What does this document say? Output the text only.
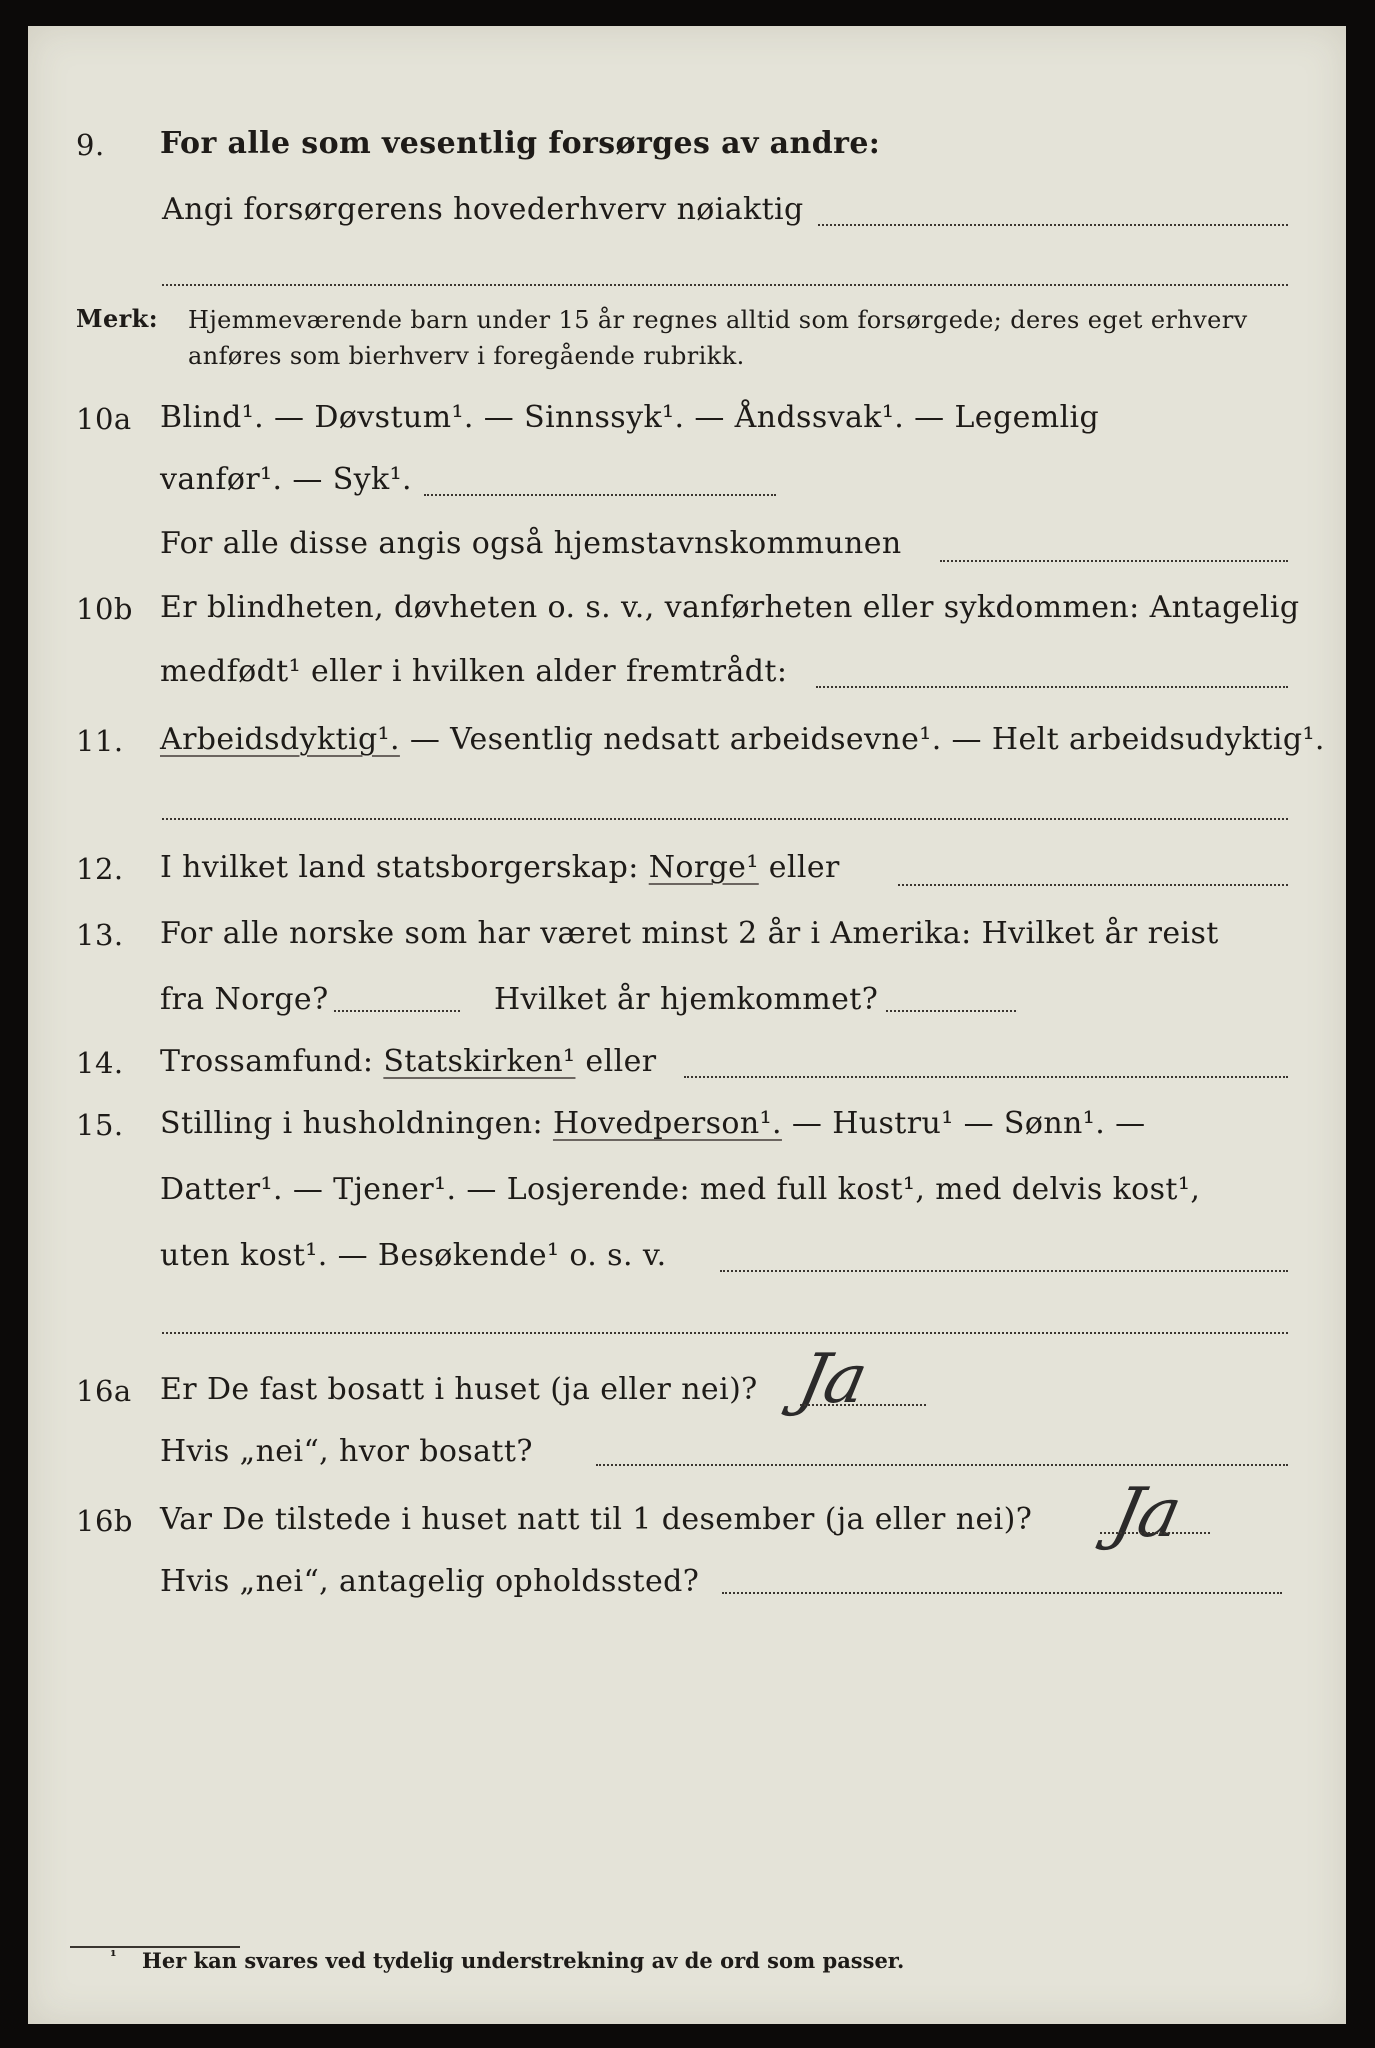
9. For alle som vesentlig forsørges av andre:
Angi forsørgerens hovederhverv nøiaktig
Merk: Hjemmeværende barn under 15 år regnes alltid som forsørgede; deres eget erhverv
anføres som bierhverv i foregående rubrikk.
10a Blind¹. — Døvstum¹. — Sinnssyk¹. — Åndssvak¹. — Legemlig
vanfør¹. — Syk¹.
For alle disse angis også hjemstavnskommunen
10b Er blindheten, døvheten o. s. v., vanførheten eller sykdommen: Antagelig
medfødt¹ eller i hvilken alder fremtrådt:
11. Arbeidsdyktig¹. — Vesentlig nedsatt arbeidsevne¹. — Helt arbeidsudyktig¹.
12. I hvilket land statsborgerskap: Norge¹ eller
13. For alle norske som har været minst 2 år i Amerika: Hvilket år reist
fra Norge?	Hvilket år hjemkommet?
14. Trossamfund: Statskirken¹ eller
15. Stilling i husholdningen: Hovedperson¹. — Hustru¹ — Sønn¹. —
Datter¹. — Tjener¹. — Losjerende: med full kost¹, med delvis kost¹,
uten kost¹. — Besøkende¹ o. s. v.
16a Er De fast bosatt i huset (ja eller nei)? Ja
Hvis „nei“, hvor bosatt?
16b Var De tilstede i huset natt til 1 desember (ja eller nei)? Ja
Hvis „nei“, antagelig opholdssted?
¹ Her kan svares ved tydelig understrekning av de ord som passer.
